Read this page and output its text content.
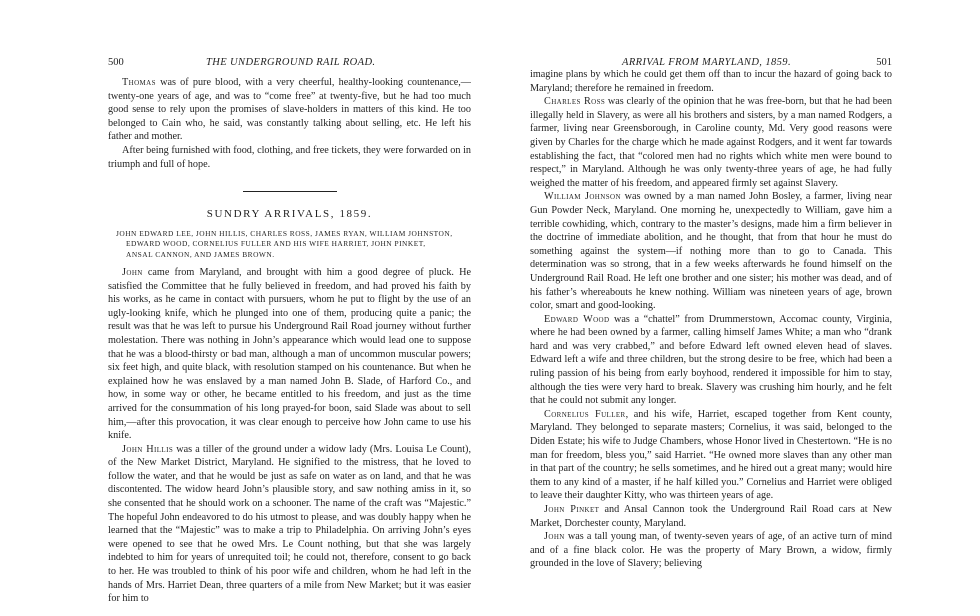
500	THE UNDERGROUND RAIL ROAD.

Thomas was of pure blood, with a very cheerful, healthy-looking countenance,—twenty-one years of age, and was to “come free” at twenty-five, but he had too much good sense to rely upon the promises of slave-holders in matters of this kind. He too belonged to Cain who, he said, was constantly talking about selling, etc. He left his father and mother.

After being furnished with food, clothing, and free tickets, they were forwarded on in triumph and full of hope.

SUNDRY ARRIVALS, 1859.
JOHN EDWARD LEE, JOHN HILLIS, CHARLES ROSS, JAMES RYAN, WILLIAM JOHNSTON,
EDWARD WOOD, CORNELIUS FULLER AND HIS WIFE HARRIET, JOHN PINKET,
ANSAL CANNON, AND JAMES BROWN.

John came from Maryland, and brought with him a good degree of pluck. He satisfied the Committee that he fully believed in freedom, and had proved his faith by his works, as he came in contact with pursuers, whom he put to flight by the use of an ugly-looking knife, which he plunged into one of them, producing quite a panic; the result was that he was left to pursue his Underground Rail Road journey without further molestation. There was nothing in John’s appearance which would lead one to suppose that he was a blood-thirsty or bad man, although a man of uncommon muscular powers; six feet high, and quite black, with resolution stamped on his countenance. But when he explained how he was enslaved by a man named John B. Slade, of Harford Co., and how, in some way or other, he became entitled to his freedom, and just as the time arrived for the consummation of his long prayed-for boon, said Slade was about to sell him,—after this provocation, it was clear enough to perceive how John came to use his knife.

John Hillis was a tiller of the ground under a widow lady (Mrs. Louisa Le Count), of the New Market District, Maryland. He signified to the mistress, that he loved to follow the water, and that he would be just as safe on water as on land, and that he was discontented. The widow heard John’s plausible story, and saw nothing amiss in it, so she consented that he should work on a schooner. The name of the craft was “Majestic.” The hopeful John endeavored to do his utmost to please, and was doubly happy when he learned that the “Majestic” was to make a trip to Philadelphia. On arriving John’s eyes were opened to see that he owed Mrs. Le Count nothing, but that she was largely indebted to him for years of unrequited toil; he could not, therefore, consent to go back to her. He was troubled to think of his poor wife and children, whom he had left in the hands of Mrs. Harriet Dean, three quarters of a mile from New Market; but it was easier for him to

ARRIVAL FROM MARYLAND, 1859.	501

imagine plans by which he could get them off than to incur the hazard of going back to Maryland; therefore he remained in freedom.

Charles Ross was clearly of the opinion that he was free-born, but that he had been illegally held in Slavery, as were all his brothers and sisters, by a man named Rodgers, a farmer, living near Greensborough, in Caroline county, Md. Very good reasons were given by Charles for the charge which he made against Rodgers, and it went far towards establishing the fact, that “colored men had no rights which white men were bound to respect,” in Maryland. Although he was only twenty-three years of age, he had fully weighed the matter of his freedom, and appeared firmly set against Slavery.

William Johnson was owned by a man named John Bosley, a farmer, living near Gun Powder Neck, Maryland. One morning he, unexpectedly to William, gave him a terrible cowhiding, which, contrary to the master’s designs, made him a firm believer in the doctrine of immediate abolition, and he thought, that from that hour he must do something against the system—if nothing more than to go to Canada. This determination was so strong, that in a few weeks afterwards he found himself on the Underground Rail Road. He left one brother and one sister; his mother was dead, and of his father’s whereabouts he knew nothing. William was nineteen years of age, brown color, smart and good-looking.

Edward Wood was a “chattel” from Drummerstown, Accomac county, Virginia, where he had been owned by a farmer, calling himself James White; a man who “drank hard and was very crabbed,” and before Edward left owned eleven head of slaves. Edward left a wife and three children, but the strong desire to be free, which had been a ruling passion of his being from early boyhood, rendered it impossible for him to stay, although the ties were very hard to break. Slavery was crushing him hourly, and he felt that he could not submit any longer.

Cornelius Fuller, and his wife, Harriet, escaped together from Kent county, Maryland. They belonged to separate masters; Cornelius, it was said, belonged to the Diden Estate; his wife to Judge Chambers, whose Honor lived in Chestertown. “He is no man for freedom, bless you,” said Harriet. “He owned more slaves than any other man in that part of the country; he sells sometimes, and he hired out a great many; would hire them to any kind of a master, if he half killed you.” Cornelius and Harriet were obliged to leave their daughter Kitty, who was thirteen years of age.

John Pinket and Ansal Cannon took the Underground Rail Road cars at New Market, Dorchester county, Maryland.

John was a tall young man, of twenty-seven years of age, of an active turn of mind and of a fine black color. He was the property of Mary Brown, a widow, firmly grounded in the love of Slavery; believing
